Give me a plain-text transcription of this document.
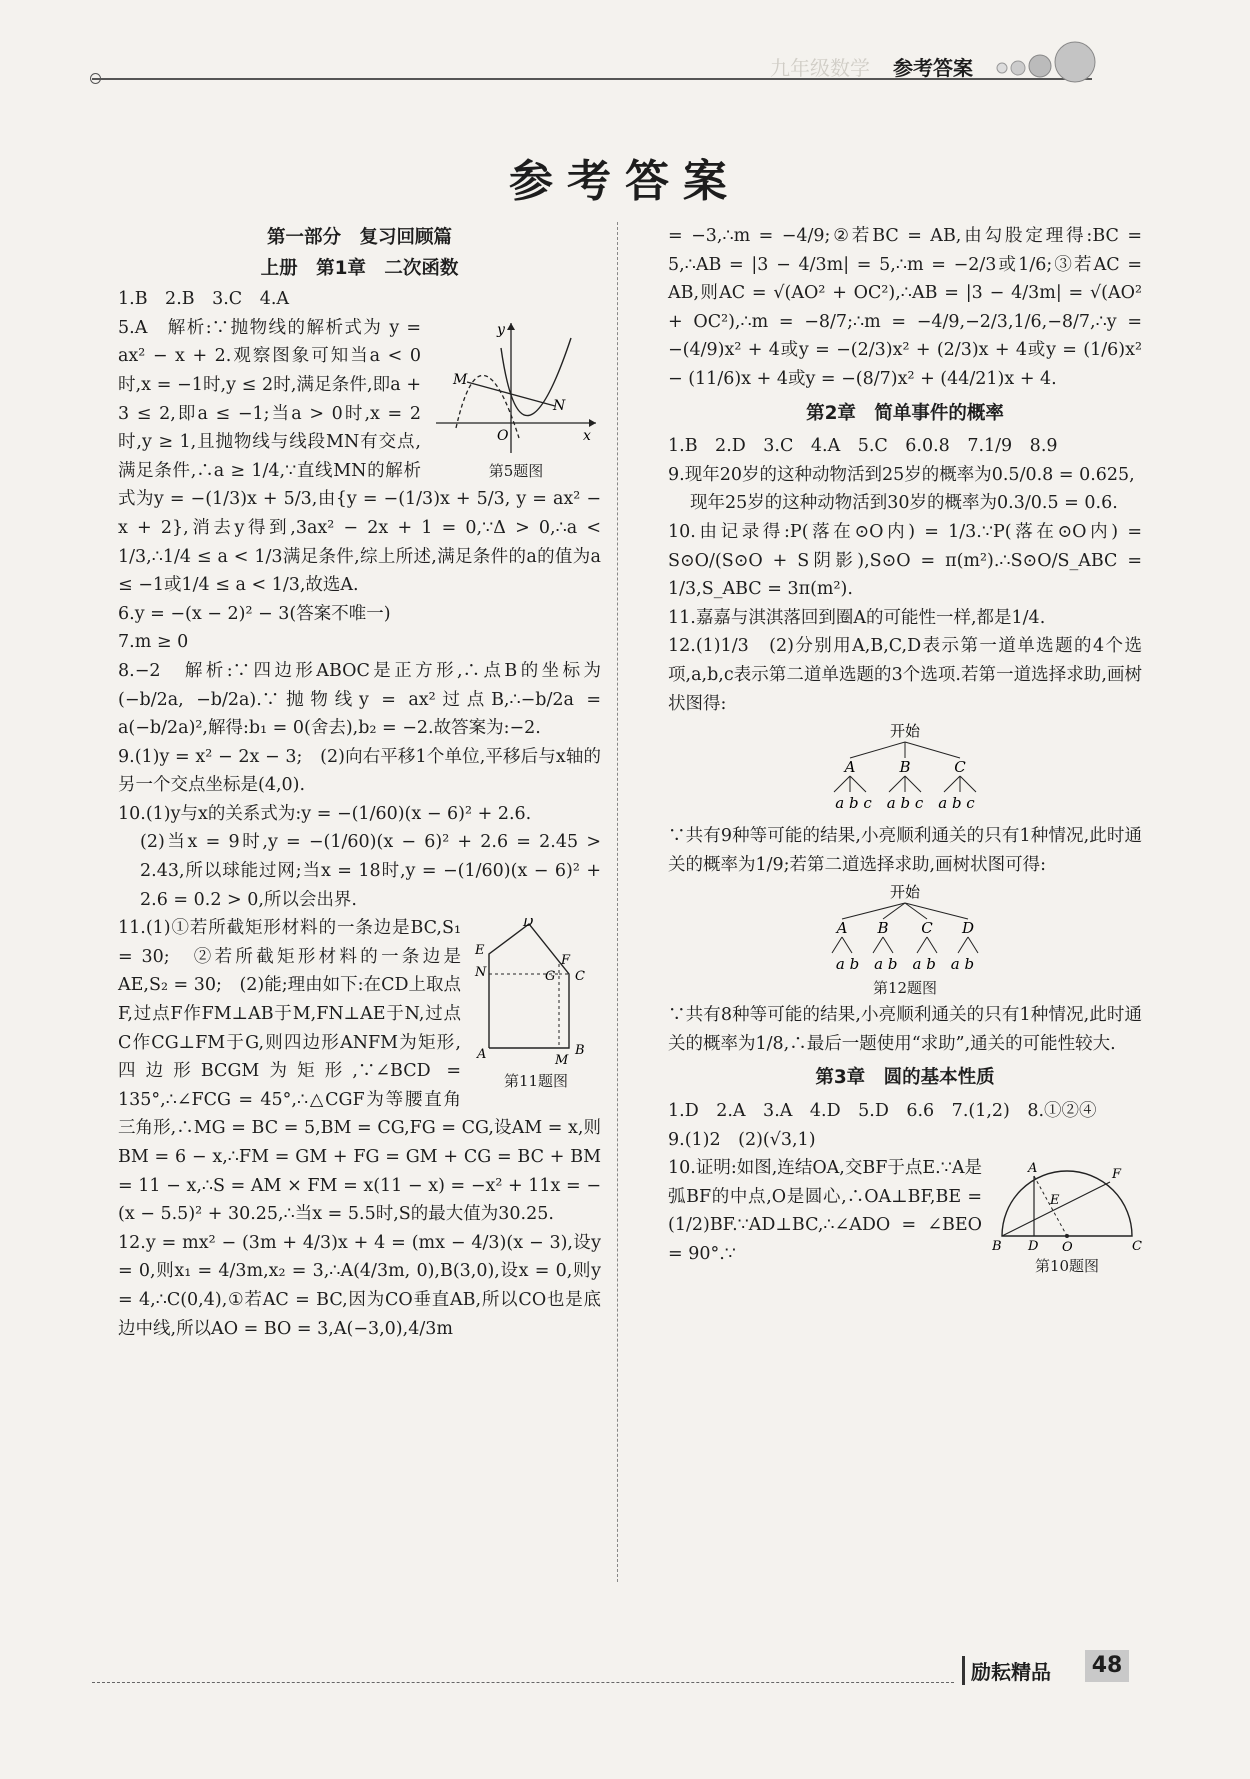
九年级数学 参考答案
参考答案
第一部分　复习回顾篇
上册　第1章　二次函数

1.B　2.B　3.C　4.A

y
x
O
M
N
第5题图

5.A　解析:∵抛物线的解析式为 y = ax² − x + 2.观察图象可知当a < 0时,x = −1时,y ≤ 2时,满足条件,即a + 3 ≤ 2,即a ≤ −1;当a > 0时,x = 2时,y ≥ 1,且抛物线与线段MN有交点,满足条件,∴a ≥ 1/4,∵直线MN的解析式为y = −(1/3)x + 5/3,由{y = −(1/3)x + 5/3, y = ax² − x + 2},消去y得到,3ax² − 2x + 1 = 0,∵Δ > 0,∴a < 1/3,∴1/4 ≤ a < 1/3满足条件,综上所述,满足条件的a的值为a ≤ −1或1/4 ≤ a < 1/3,故选A.

6.y = −(x − 2)² − 3(答案不唯一)

7.m ≥ 0

8.−2　解析:∵四边形ABOC是正方形,∴点B的坐标为(−b/2a, −b/2a).∵抛物线y = ax²过点B,∴−b/2a = a(−b/2a)²,解得:b₁ = 0(舍去),b₂ = −2.故答案为:−2.

9.(1)y = x² − 2x − 3;　(2)向右平移1个单位,平移后与x轴的另一个交点坐标是(4,0).

10.(1)y与x的关系式为:y = −(1/60)(x − 6)² + 2.6.

(2)当x = 9时,y = −(1/60)(x − 6)² + 2.6 = 2.45 > 2.43,所以球能过网;当x = 18时,y = −(1/60)(x − 6)² + 2.6 = 0.2 > 0,所以会出界.

D
E
N
F
G C
A	M
B
第11题图

11.(1)①若所截矩形材料的一条边是BC,S₁ = 30;　②若所截矩形材料的一条边是AE,S₂ = 30;　(2)能;理由如下:在CD上取点F,过点F作FM⊥AB于M,FN⊥AE于N,过点C作CG⊥FM于G,则四边形ANFM为矩形,四边形BCGM为矩形,∵∠BCD = 135°,∴∠FCG = 45°,∴△CGF为等腰直角三角形,∴MG = BC = 5,BM = CG,FG = CG,设AM = x,则BM = 6 − x,∴FM = GM + FG = GM + CG = BC + BM = 11 − x,∴S = AM × FM = x(11 − x) = −x² + 11x = −(x − 5.5)² + 30.25,∴当x = 5.5时,S的最大值为30.25.

12.y = mx² − (3m + 4/3)x + 4 = (mx − 4/3)(x − 3),设y = 0,则x₁ = 4/3m,x₂ = 3,∴A(4/3m, 0),B(3,0),设x = 0,则y = 4,∴C(0,4),①若AC = BC,因为CO垂直AB,所以CO也是底边中线,所以AO = BO = 3,A(−3,0),4/3m

= −3,∴m = −4/9;②若BC = AB,由勾股定理得:BC = 5,∴AB = |3 − 4/3m| = 5,∴m = −2/3或1/6;③若AC = AB,则AC = √(AO² + OC²),∴AB = |3 − 4/3m| = √(AO² + OC²),∴m = −8/7;∴m = −4/9,−2/3,1/6,−8/7,∴y = −(4/9)x² + 4或y = −(2/3)x² + (2/3)x + 4或y = (1/6)x² − (11/6)x + 4或y = −(8/7)x² + (44/21)x + 4.

第2章　简单事件的概率

1.B　2.D　3.C　4.A　5.C　6.0.8　7.1/9　8.9

9.现年20岁的这种动物活到25岁的概率为0.5/0.8 = 0.625,

现年25岁的这种动物活到30岁的概率为0.3/0.5 = 0.6.

10.由记录得:P(落在⊙O内) = 1/3.∵P(落在⊙O内) = S⊙O/(S⊙O + S阴影),S⊙O = π(m²).∴S⊙O/S_ABC = 1/3,S_ABC = 3π(m²).

11.嘉嘉与淇淇落回到圈A的可能性一样,都是1/4.

12.(1)1/3　(2)分别用A,B,C,D表示第一道单选题的4个选项,a,b,c表示第二道单选题的3个选项.若第一道选择求助,画树状图得:

开始
A	B	C
a b c　a b c　a b c

∵共有9种等可能的结果,小亮顺利通关的只有1种情况,此时通关的概率为1/9;若第二道选择求助,画树状图可得:

开始
A B C D
a b　a b　a b　a b
第12题图

∵共有8种等可能的结果,小亮顺利通关的只有1种情况,此时通关的概率为1/8,∴最后一题使用“求助”,通关的可能性较大.

第3章　圆的基本性质

1.D　2.A　3.A　4.D　5.D　6.6　7.(1,2)　8.①②④

9.(1)2　(2)(√3,1)

A	F
E
B D O	C
第10题图

10.证明:如图,连结OA,交BF于点E.∵A是弧BF的中点,O是圆心,∴OA⊥BF,BE = (1/2)BF.∵AD⊥BC,∴∠ADO = ∠BEO = 90°.∵

励耘精品	48
